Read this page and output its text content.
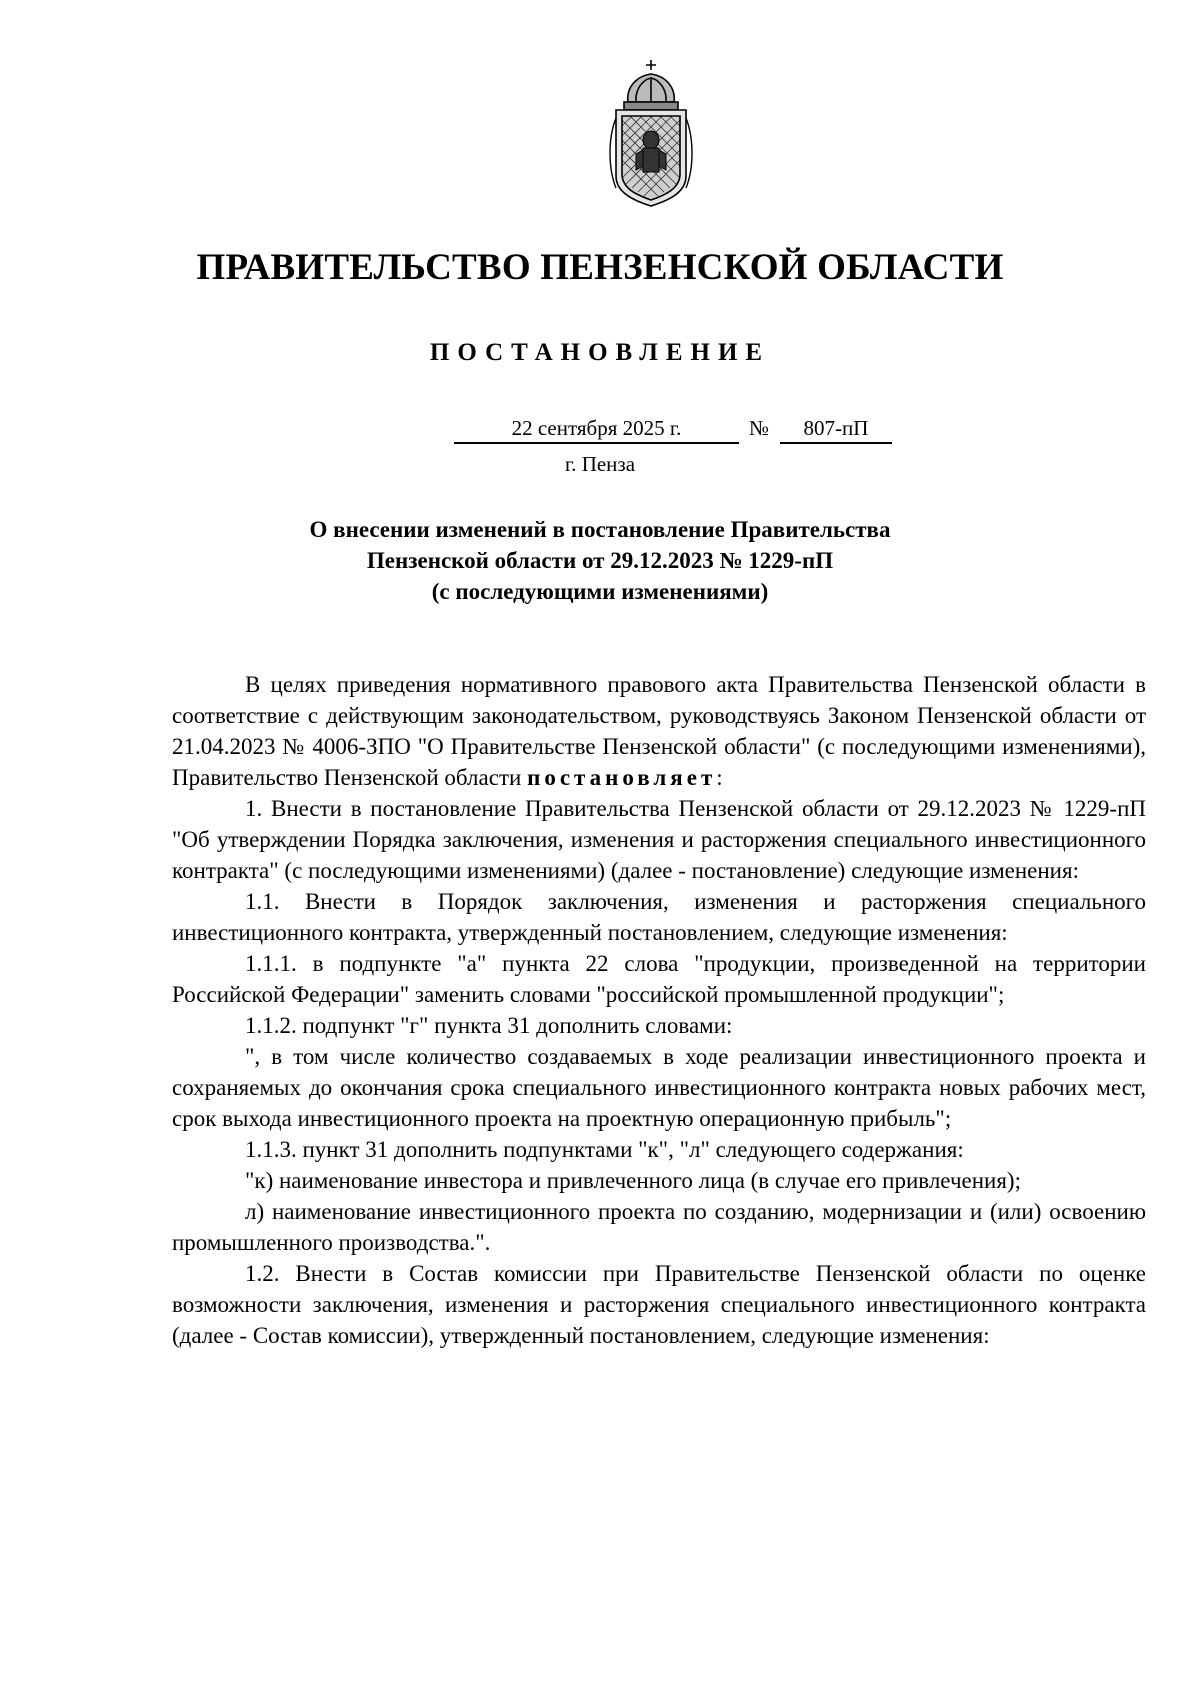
ПРАВИТЕЛЬСТВО ПЕНЗЕНСКОЙ ОБЛАСТИ
ПОСТАНОВЛЕНИЕ
22 сентября 2025 г.	№	807-пП
г. Пенза
О внесении изменений в постановление Правительства
Пензенской области от 29.12.2023 № 1229-пП
(с последующими изменениями)

В целях приведения нормативного правового акта Правительства Пензенской области в соответствие с действующим законодательством, руководствуясь Законом Пензенской области от 21.04.2023 № 4006-ЗПО "О Правительстве Пензенской области" (с последующими изменениями), Правительство Пензенской области постановляет:

1. Внести в постановление Правительства Пензенской области от 29.12.2023 № 1229-пП "Об утверждении Порядка заключения, изменения и расторжения специального инвестиционного контракта" (с последующими изменениями) (далее - постановление) следующие изменения:

1.1. Внести в Порядок заключения, изменения и расторжения специального инвестиционного контракта, утвержденный постановлением, следующие изменения:

1.1.1. в подпункте "а" пункта 22 слова "продукции, произведенной на территории Российской Федерации" заменить словами "российской промышленной продукции";

1.1.2. подпункт "г" пункта 31 дополнить словами:

", в том числе количество создаваемых в ходе реализации инвестиционного проекта и сохраняемых до окончания срока специального инвестиционного контракта новых рабочих мест, срок выхода инвестиционного проекта на проектную операционную прибыль";

1.1.3. пункт 31 дополнить подпунктами "к", "л" следующего содержания:

"к) наименование инвестора и привлеченного лица (в случае его привлечения);

л) наименование инвестиционного проекта по созданию, модернизации и (или) освоению промышленного производства.".

1.2. Внести в Состав комиссии при Правительстве Пензенской области по оценке возможности заключения, изменения и расторжения специального инвестиционного контракта (далее - Состав комиссии), утвержденный постановлением, следующие изменения:
